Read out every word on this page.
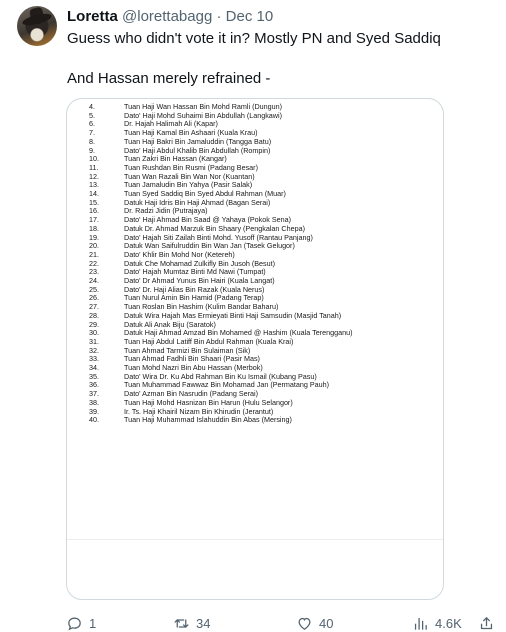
Loretta @lorettabagg · Dec 10
Guess who didn't vote it in? Mostly PN and Syed Saddiq
And Hassan merely refrained -
4.	Tuan Haji Wan Hassan Bin Mohd Ramli (Dungun)
5.	Dato' Haji Mohd Suhaimi Bin Abdullah (Langkawi)
6.	Dr. Hajah Halimah Ali (Kapar)
7.	Tuan Haji Kamal Bin Ashaari (Kuala Krau)
8.	Tuan Haji Bakri Bin Jamaluddin (Tangga Batu)
9.	Dato' Haji Abdul Khalib Bin Abdullah (Rompin)
10.	Tuan Zakri Bin Hassan (Kangar)
11.	Tuan Rushdan Bin Rusmi (Padang Besar)
12.	Tuan Wan Razali Bin Wan Nor (Kuantan)
13.	Tuan Jamaludin Bin Yahya (Pasir Salak)
14.	Tuan Syed Saddiq Bin Syed Abdul Rahman (Muar)
15.	Datuk Haji Idris Bin Haji Ahmad (Bagan Serai)
16.	Dr. Radzi Jidin (Putrajaya)
17.	Dato' Haji Ahmad Bin Saad @ Yahaya (Pokok Sena)
18.	Datuk Dr. Ahmad Marzuk Bin Shaary (Pengkalan Chepa)
19.	Dato' Hajah Siti Zailah Binti Mohd. Yusoff (Rantau Panjang)
20.	Datuk Wan Saifulruddin Bin Wan Jan (Tasek Gelugor)
21.	Dato' Khlir Bin Mohd Nor (Ketereh)
22.	Datuk Che Mohamad Zulkifly Bin Jusoh (Besut)
23.	Dato' Hajah Mumtaz Binti Md Nawi (Tumpat)
24.	Dato' Dr Ahmad Yunus Bin Hairi (Kuala Langat)
25.	Dato' Dr. Haji Alias Bin Razak (Kuala Nerus)
26.	Tuan Nurul Amin Bin Hamid (Padang Terap)
27.	Tuan Roslan Bin Hashim (Kulim Bandar Baharu)
28.	Datuk Wira Hajah Mas Ermieyati Binti Haji Samsudin (Masjid Tanah)
29.	Datuk Ali Anak Biju (Saratok)
30.	Datuk Haji Ahmad Amzad Bin Mohamed @ Hashim (Kuala Terengganu)
31.	Tuan Haji Abdul Latiff Bin Abdul Rahman (Kuala Krai)
32.	Tuan Ahmad Tarmizi Bin Sulaiman (Sik)
33.	Tuan Ahmad Fadhli Bin Shaari (Pasir Mas)
34.	Tuan Mohd Nazri Bin Abu Hassan (Merbok)
35.	Dato' Wira Dr. Ku Abd Rahman Bin Ku Ismail (Kubang Pasu)
36.	Tuan Muhammad Fawwaz Bin Mohamad Jan (Permatang Pauh)
37.	Dato' Azman Bin Nasrudin (Padang Serai)
38.	Tuan Haji Mohd Hasnizan Bin Harun (Hulu Selangor)
39.	Ir. Ts. Haji Khairil Nizam Bin Khirudin (Jerantut)
40.	Tuan Haji Muhammad Islahuddin Bin Abas (Mersing)
1	34	40	4.6K
